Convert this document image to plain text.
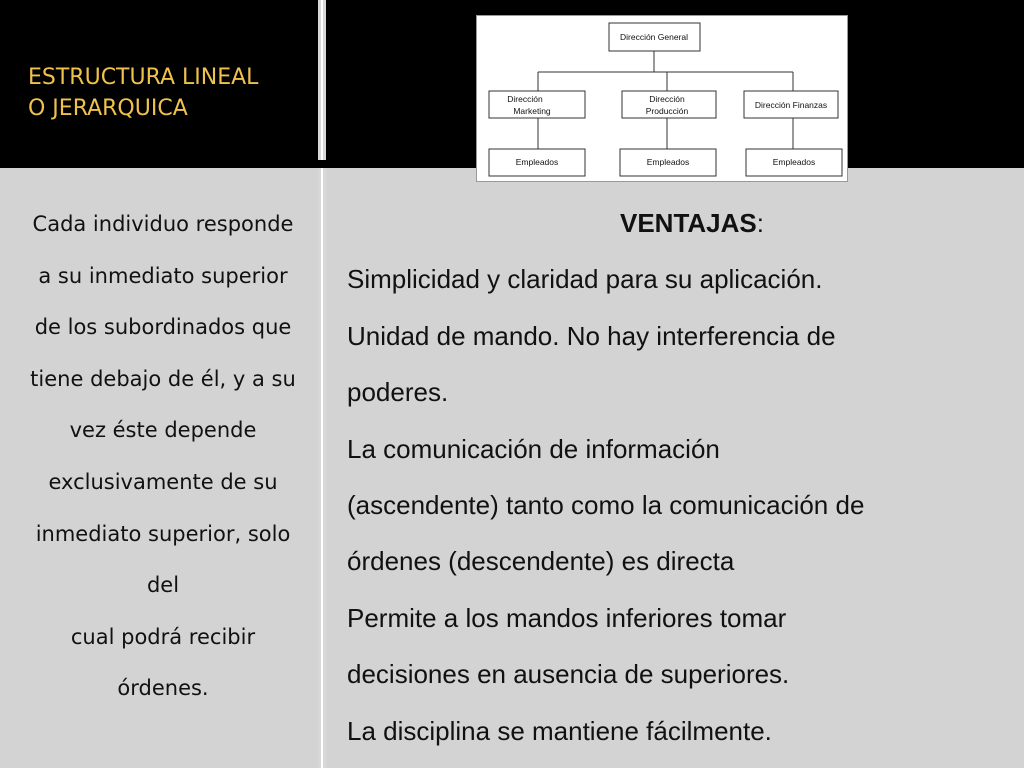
ESTRUCTURA LINEAL
O JERARQUICA
Dirección General
Dirección
Marketing
Dirección
Producción
Dirección Finanzas
Empleados	Empleados	Empleados

Cada individuo responde
a su inmediato superior
de los subordinados que
tiene debajo de él, y a su
vez éste depende
exclusivamente de su
inmediato superior, solo
del
cual podrá recibir
órdenes.

VENTAJAS:
Simplicidad y claridad para su aplicación.
Unidad de mando. No hay interferencia de
poderes.
La comunicación de información
(ascendente) tanto como la comunicación de
órdenes (descendente) es directa
Permite a los mandos inferiores tomar
decisiones en ausencia de superiores.
La disciplina se mantiene fácilmente.
